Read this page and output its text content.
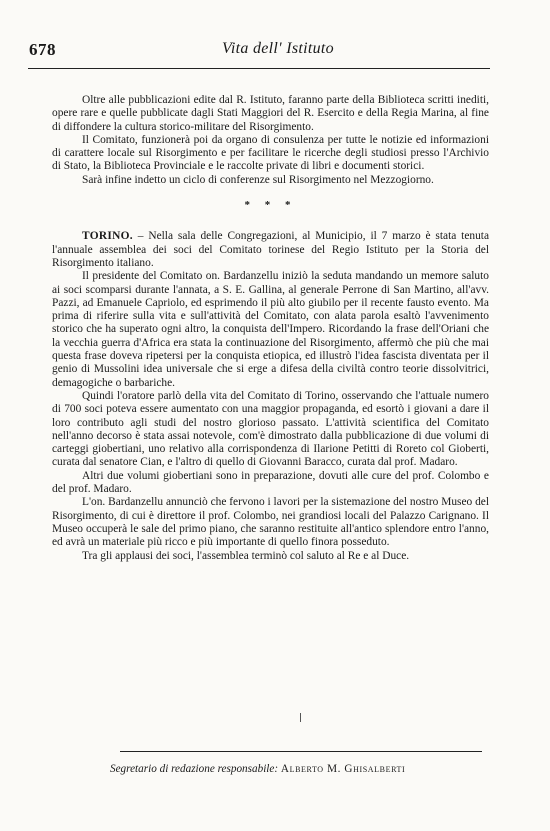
678	Vita dell' Istituto

Oltre alle pubblicazioni edite dal R. Istituto, faranno parte della Biblioteca scritti inediti, opere rare e quelle pubblicate dagli Stati Maggiori del R. Esercito e della Regia Marina, al fine di diffondere la cultura storico-militare del Risorgimento.

Il Comitato, funzionerà poi da organo di consulenza per tutte le notizie ed informazioni di carattere locale sul Risorgimento e per facilitare le ricerche degli studiosi presso l'Archivio di Stato, la Biblioteca Provinciale e le raccolte private di libri e documenti storici.

Sarà infine indetto un ciclo di conferenze sul Risorgimento nel Mezzogiorno.

* * *

TORINO. – Nella sala delle Congregazioni, al Municipio, il 7 marzo è stata tenuta l'annuale assemblea dei soci del Comitato torinese del Regio Istituto per la Storia del Risorgimento italiano.

Il presidente del Comitato on. Bardanzellu iniziò la seduta mandando un memore saluto ai soci scomparsi durante l'annata, a S. E. Gallina, al generale Perrone di San Martino, all'avv. Pazzi, ad Emanuele Capriolo, ed esprimendo il più alto giubilo per il recente fausto evento. Ma prima di riferire sulla vita e sull'attività del Comitato, con alata parola esaltò l'avvenimento storico che ha superato ogni altro, la conquista dell'Impero. Ricordando la frase dell'Oriani che la vecchia guerra d'Africa era stata la continuazione del Risorgimento, affermò che più che mai questa frase doveva ripetersi per la conquista etiopica, ed illustrò l'idea fascista diventata per il genio di Mussolini idea universale che si erge a difesa della civiltà contro teorie dissolvitrici, demagogiche o barbariche.

Quindi l'oratore parlò della vita del Comitato di Torino, osservando che l'attuale numero di 700 soci poteva essere aumentato con una maggior propaganda, ed esortò i giovani a dare il loro contributo agli studi del nostro glorioso passato. L'attività scientifica del Comitato nell'anno decorso è stata assai notevole, com'è dimostrato dalla pubblicazione di due volumi di carteggi giobertiani, uno relativo alla corrispondenza di Ilarione Petitti di Roreto col Gioberti, curata dal senatore Cian, e l'altro di quello di Giovanni Baracco, curata dal prof. Madaro.

Altri due volumi giobertiani sono in preparazione, dovuti alle cure del prof. Colombo e del prof. Madaro.

L'on. Bardanzellu annunciò che fervono i lavori per la sistemazione del nostro Museo del Risorgimento, di cui è direttore il prof. Colombo, nei grandiosi locali del Palazzo Carignano. Il Museo occuperà le sale del primo piano, che saranno restituite all'antico splendore entro l'anno, ed avrà un materiale più ricco e più importante di quello finora posseduto.

Tra gli applausi dei soci, l'assemblea terminò col saluto al Re e al Duce.

Segretario di redazione responsabile: Alberto M. Ghisalberti
